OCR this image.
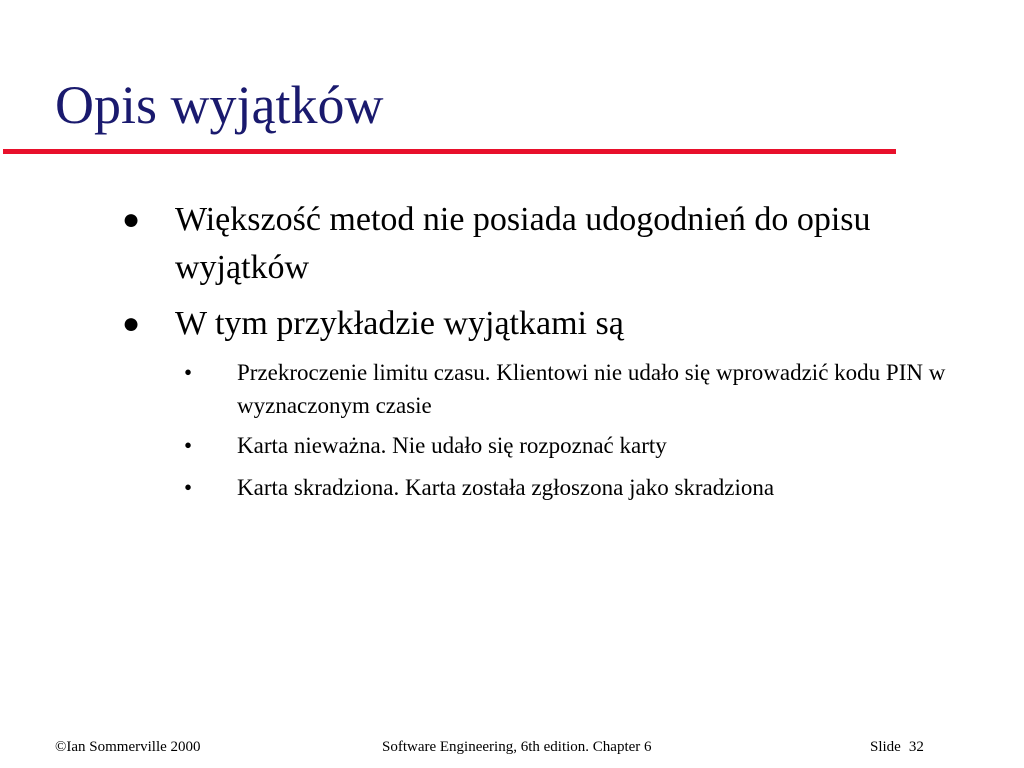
Opis wyjątków
● Większość metod nie posiada udogodnień do opisu wyjątków
● W tym przykładzie wyjątkami są
•	Przekroczenie limitu czasu. Klientowi nie udało się wprowadzić kodu PIN w wyznaczonym czasie
•	Karta nieważna. Nie udało się rozpoznać karty
•	Karta skradziona. Karta została zgłoszona jako skradziona
©Ian Sommerville 2000	Software Engineering, 6th edition. Chapter 6	Slide 32
